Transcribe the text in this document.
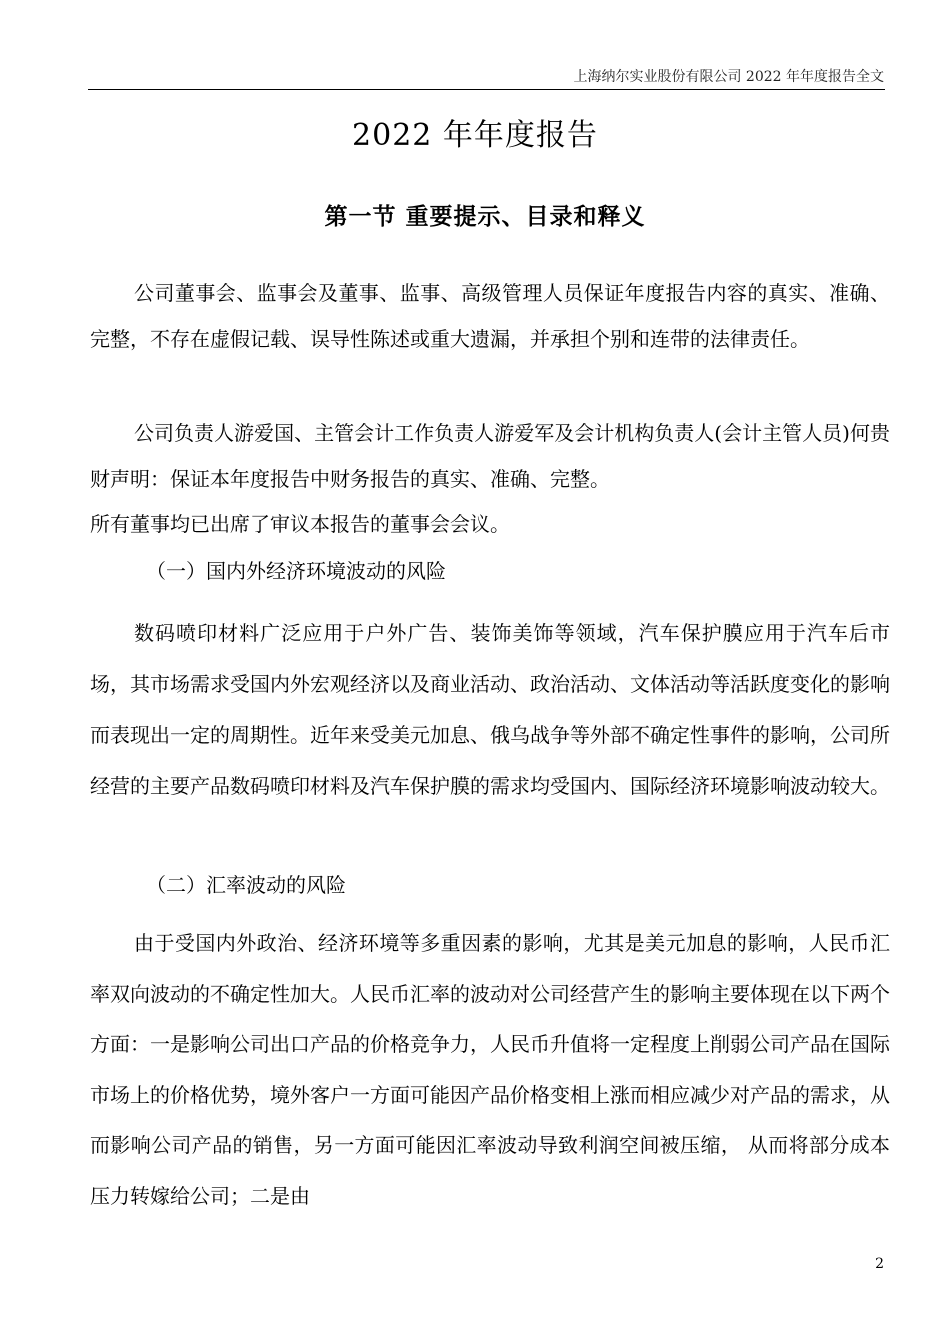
上海纳尔实业股份有限公司 2022 年年度报告全文
2022 年年度报告
第一节 重要提示、目录和释义

公司董事会、监事会及董事、监事、高级管理人员保证年度报告内容的真实、准确、完整，不存在虚假记载、误导性陈述或重大遗漏，并承担个别和连带的法律责任。

公司负责人游爱国、主管会计工作负责人游爱军及会计机构负责人(会计主管人员)何贵财声明：保证本年度报告中财务报告的真实、准确、完整。

所有董事均已出席了审议本报告的董事会会议。

（一）国内外经济环境波动的风险

数码喷印材料广泛应用于户外广告、装饰美饰等领域，汽车保护膜应用于汽车后市场，其市场需求受国内外宏观经济以及商业活动、政治活动、文体活动等活跃度变化的影响而表现出一定的周期性。近年来受美元加息、俄乌战争等外部不确定性事件的影响，公司所经营的主要产品数码喷印材料及汽车保护膜的需求均受国内、国际经济环境影响波动较大。

（二）汇率波动的风险

由于受国内外政治、经济环境等多重因素的影响，尤其是美元加息的影响，人民币汇率双向波动的不确定性加大。人民币汇率的波动对公司经营产生的影响主要体现在以下两个方面：一是影响公司出口产品的价格竞争力，人民币升值将一定程度上削弱公司产品在国际市场上的价格优势，境外客户一方面可能因产品价格变相上涨而相应减少对产品的需求，从而影响公司产品的销售，另一方面可能因汇率波动导致利润空间被压缩， 从而将部分成本压力转嫁给公司；二是由

2
